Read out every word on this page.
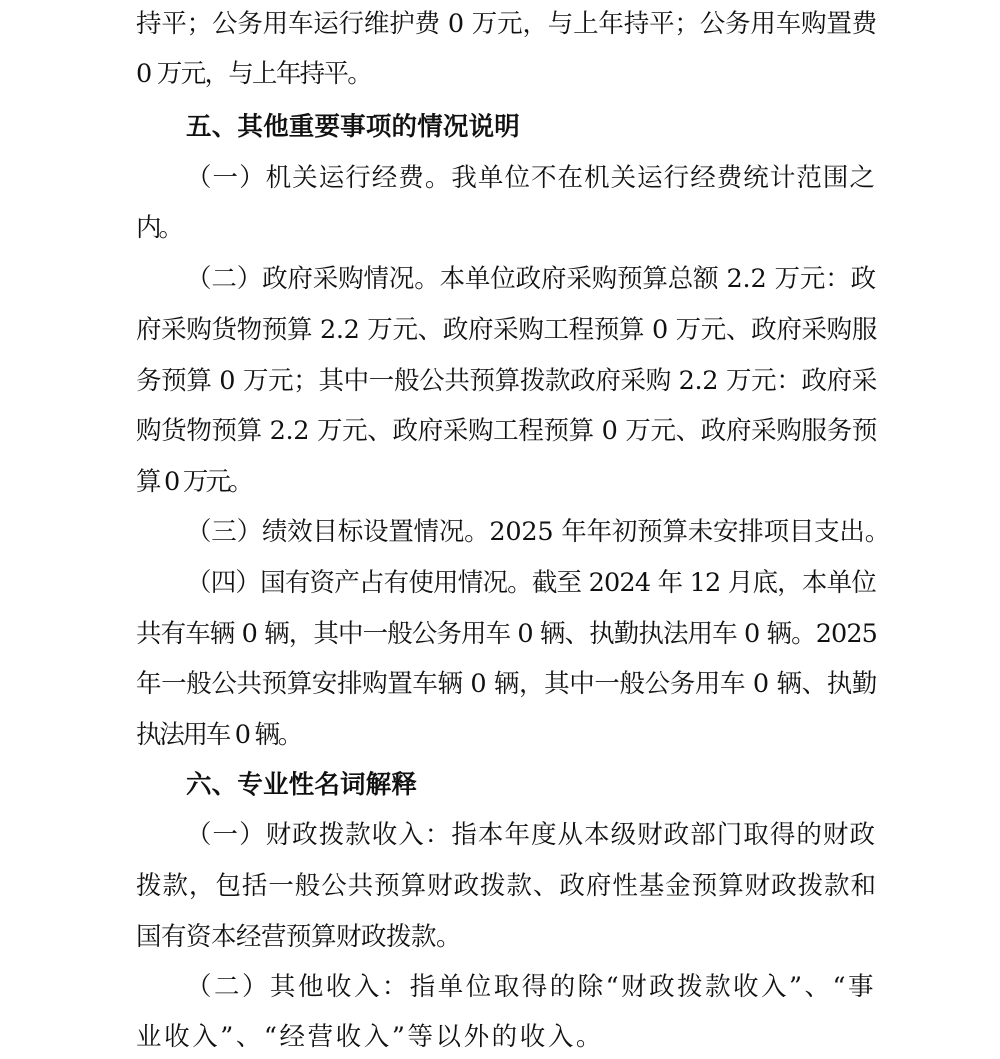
持平；公务用车运行维护费 0 万元，与上年持平；公务用车购置费
0 万元，与上年持平。
五、其他重要事项的情况说明
（一）机关运行经费。我单位不在机关运行经费统计范围之
内。
（二）政府采购情况。本单位政府采购预算总额 2.2 万元：政
府采购货物预算 2.2 万元、政府采购工程预算 0 万元、政府采购服
务预算 0 万元；其中一般公共预算拨款政府采购 2.2 万元：政府采
购货物预算 2.2 万元、政府采购工程预算 0 万元、政府采购服务预
算 0 万元。
（三）绩效目标设置情况。2025 年年初预算未安排项目支出。
（四）国有资产占有使用情况。截至 2024 年 12 月底，本单位
共有车辆 0 辆，其中一般公务用车 0 辆、执勤执法用车 0 辆。2025
年一般公共预算安排购置车辆 0 辆，其中一般公务用车 0 辆、执勤
执法用车 0 辆。
六、专业性名词解释
（一）财政拨款收入：指本年度从本级财政部门取得的财政
拨款，包括一般公共预算财政拨款、政府性基金预算财政拨款和
国有资本经营预算财政拨款。
（二）其他收入：指单位取得的除“财政拨款收入”、“事
业收入”、“经营收入”等以外的收入。
